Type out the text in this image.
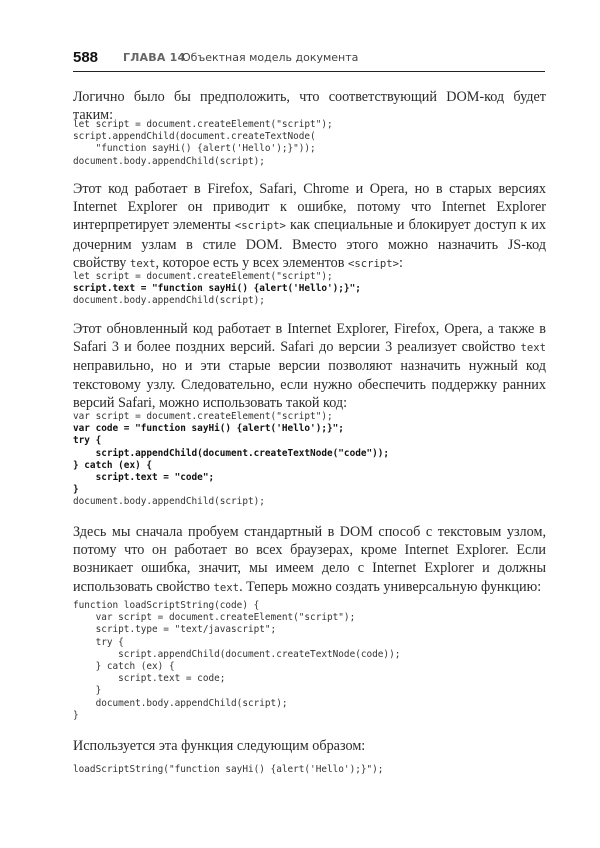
588 ГЛАВА 14
Объектная модель документа

Логично было бы предположить, что соответствующий DOM-код будет таким:

let script = document.createElement("script");
script.appendChild(document.createTextNode(
"function sayHi() {alert('Hello');}"));
document.body.appendChild(script);

Этот код работает в Firefox, Safari, Chrome и Opera, но в старых версиях Internet Explorer он приводит к ошибке, потому что Internet Explorer интерпретирует элементы <script> как специальные и блокирует доступ к их дочерним узлам в стиле DOM. Вместо этого можно назначить JS-код свойству text, которое есть у всех элементов <script>:

let script = document.createElement("script");
script.text = "function sayHi() {alert('Hello');}";
document.body.appendChild(script);

Этот обновленный код работает в Internet Explorer, Firefox, Opera, а также в Safari 3 и более поздних версий. Safari до версии 3 реализует свойство text неправильно, но и эти старые версии позволяют назначить нужный код текстовому узлу. Следовательно, если нужно обеспечить поддержку ранних версий Safari, можно использовать такой код:

var script = document.createElement("script");
var code = "function sayHi() {alert('Hello');}";
try {
script.appendChild(document.createTextNode("code"));
} catch (ex) {
script.text = "code";
}
document.body.appendChild(script);

Здесь мы сначала пробуем стандартный в DOM способ с текстовым узлом, потому что он работает во всех браузерах, кроме Internet Explorer. Если возникает ошибка, значит, мы имеем дело с Internet Explorer и должны использовать свойство text. Теперь можно создать универсальную функцию:

function loadScriptString(code) {
var script = document.createElement("script");
script.type = "text/javascript";
try {
script.appendChild(document.createTextNode(code));
} catch (ex) {
script.text = code;
}
document.body.appendChild(script);
}

Используется эта функция следующим образом:

loadScriptString("function sayHi() {alert('Hello');}");
